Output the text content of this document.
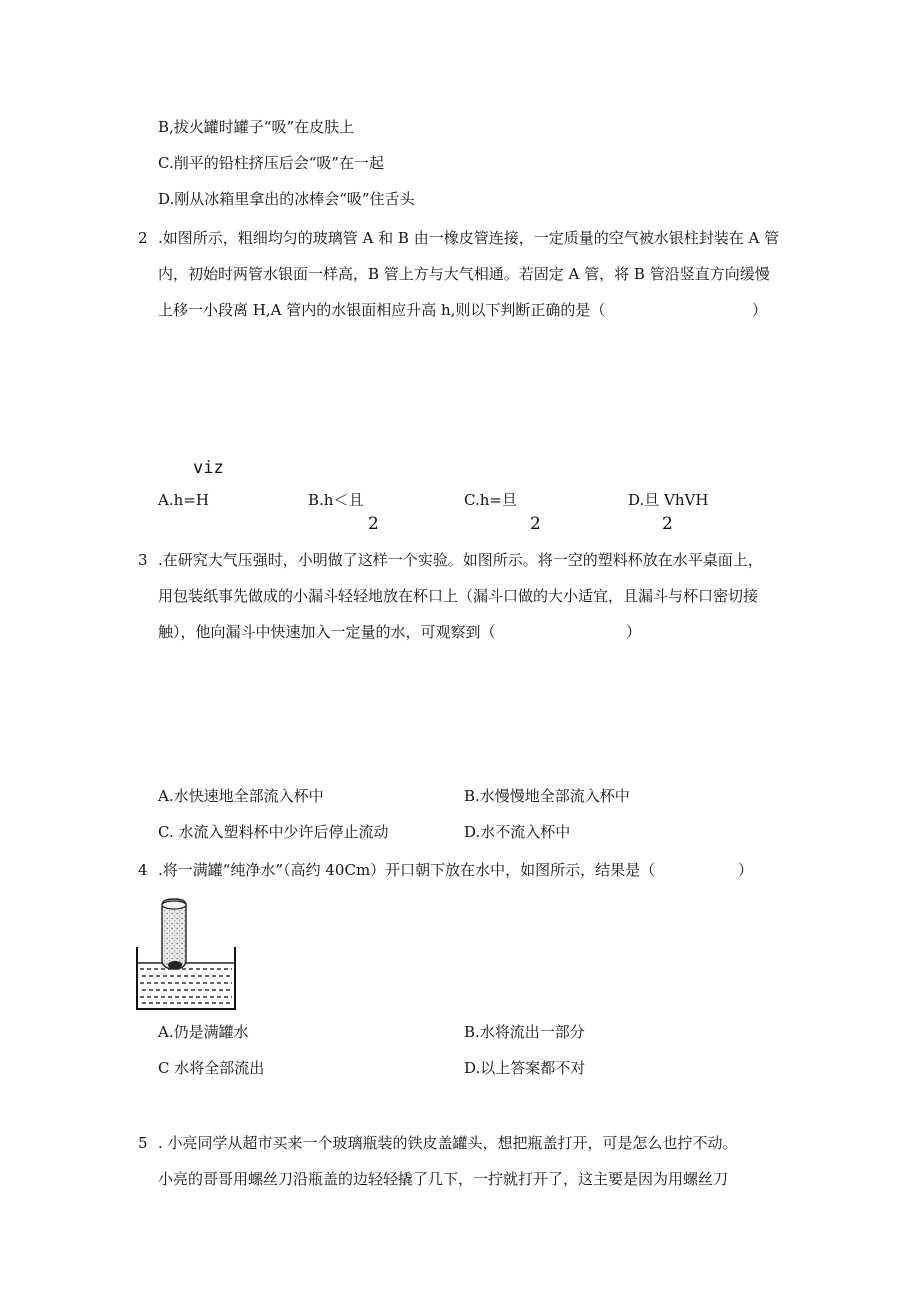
B,拔火罐时罐子“吸”在皮肤上
C.削平的铅柱挤压后会“吸”在一起
D.刚从冰箱里拿出的冰棒会“吸”住舌头
2 .如图所示，粗细均匀的玻璃管 A 和 B 由一橡皮管连接，一定质量的空气被水银柱封装在 A 管
内，初始时两管水银面一样高，B 管上方与大气相通。若固定 A 管，将 B 管沿竖直方向缓慢
上移一小段离 H,A 管内的水银面相应升高 h,则以下判断正确的是（	）
viz
A.h=H	B.h＜且	C.h=旦	D.旦 VhVH
2	2	2
3 .在研究大气压强时，小明做了这样一个实验。如图所示。将一空的塑料杯放在水平桌面上，
用包装纸事先做成的小漏斗轻轻地放在杯口上（漏斗口做的大小适宜，且漏斗与杯口密切接
触），他向漏斗中快速加入一定量的水，可观察到（	）
A.水快速地全部流入杯中	B.水慢慢地全部流入杯中
C. 水流入塑料杯中少许后停止流动	D.水不流入杯中
4 .将一满罐“纯净水”（高约 40Cm）开口朝下放在水中，如图所示，结果是（	）
A.仍是满罐水	B.水将流出一部分
C 水将全部流出	D.以上答案都不对
5 . 小亮同学从超市买来一个玻璃瓶装的铁皮盖罐头，想把瓶盖打开，可是怎么也拧不动。
小亮的哥哥用螺丝刀沿瓶盖的边轻轻撬了几下，一拧就打开了，这主要是因为用螺丝刀
